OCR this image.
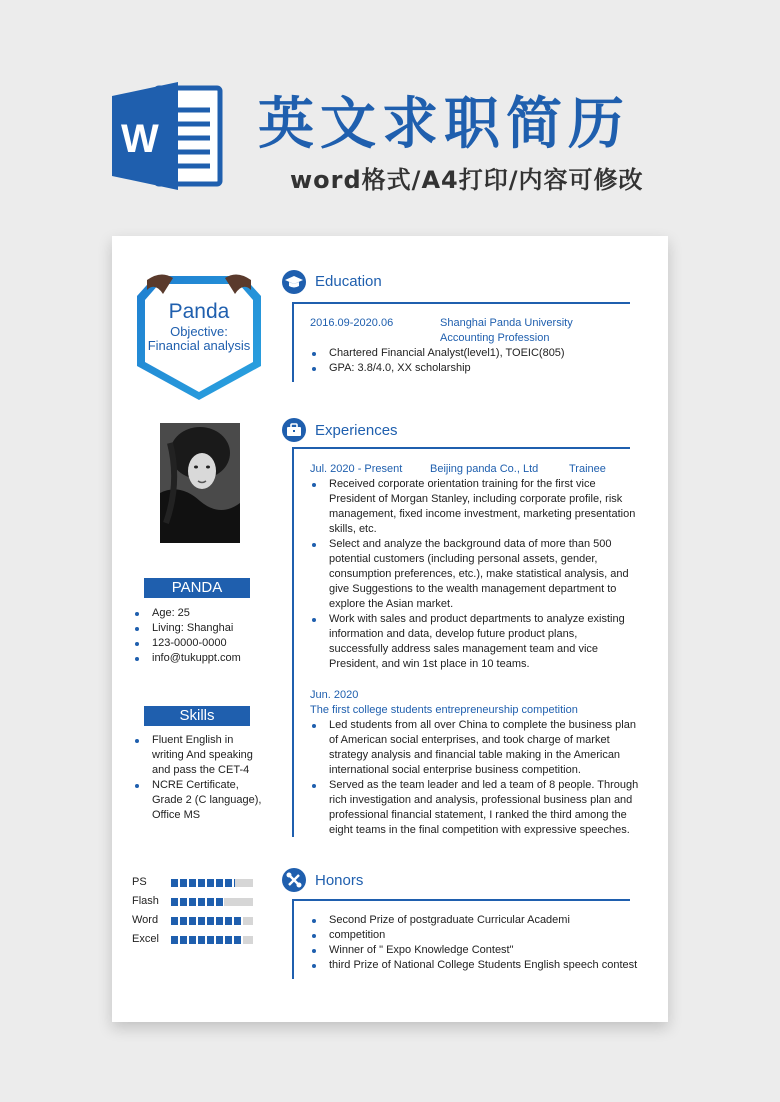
W 英文求职简历
word格式/A4打印/内容可修改
Panda
Objective:
Financial analysis
PANDA
Age: 25
Living: Shanghai
123-0000-0000
info@tukuppt.com
Skills
Fluent English in writing And speaking and pass the CET-4
NCRE Certificate, Grade 2 (C language), Office MS
PS
Flash
Word
Excel
Education
2016.09-2020.06	Shanghai Panda University
Accounting Profession
Chartered Financial Analyst(level1), TOEIC(805)
GPA: 3.8/4.0, XX scholarship
Experiences
Jul. 2020 - Present	Beijing panda Co., Ltd	Trainee
Received corporate orientation training for the first vice President of Morgan Stanley, including corporate profile, risk management, fixed income investment, marketing presentation skills, etc.
Select and analyze the background data of more than 500 potential customers (including personal assets, gender, consumption preferences, etc.), make statistical analysis, and give Suggestions to the wealth management department to explore the Asian market.
Work with sales and product departments to analyze existing information and data, develop future product plans, successfully address sales management team and vice President, and win 1st place in 10 teams.
Jun. 2020
The first college students entrepreneurship competition
Led students from all over China to complete the business plan of American social enterprises, and took charge of market strategy analysis and financial table making in the American international social enterprise business competition.
Served as the team leader and led a team of 8 people. Through rich investigation and analysis, professional business plan and professional financial statement, I ranked the third among the eight teams in the final competition with expressive speeches.
Honors
Second Prize of postgraduate Curricular Academi
competition
Winner of " Expo Knowledge Contest"
third Prize of National College Students English speech contest
